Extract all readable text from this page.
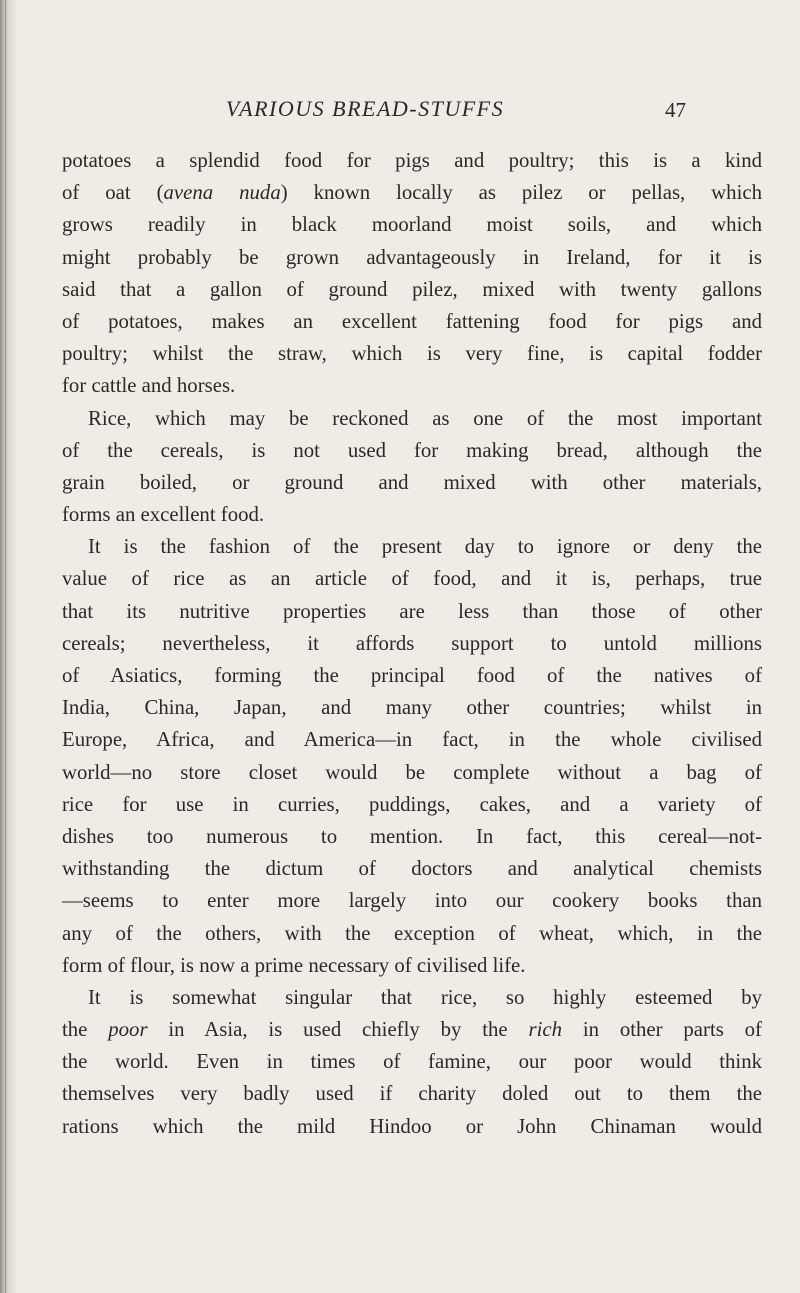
VARIOUS BREAD-STUFFS	47
potatoes a splendid food for pigs and poultry; this is a kind
of oat (avena nuda) known locally as pilez or pellas, which
grows readily in black moorland moist soils, and which
might probably be grown advantageously in Ireland, for it is
said that a gallon of ground pilez, mixed with twenty gallons
of potatoes, makes an excellent fattening food for pigs and
poultry; whilst the straw, which is very fine, is capital fodder
for cattle and horses.
Rice, which may be reckoned as one of the most important
of the cereals, is not used for making bread, although the
grain boiled, or ground and mixed with other materials,
forms an excellent food.
It is the fashion of the present day to ignore or deny the
value of rice as an article of food, and it is, perhaps, true
that its nutritive properties are less than those of other
cereals; nevertheless, it affords support to untold millions
of Asiatics, forming the principal food of the natives of
India, China, Japan, and many other countries; whilst in
Europe, Africa, and America—in fact, in the whole civilised
world—no store closet would be complete without a bag of
rice for use in curries, puddings, cakes, and a variety of
dishes too numerous to mention. In fact, this cereal—not-
withstanding the dictum of doctors and analytical chemists
—seems to enter more largely into our cookery books than
any of the others, with the exception of wheat, which, in the
form of flour, is now a prime necessary of civilised life.
It is somewhat singular that rice, so highly esteemed by
the poor in Asia, is used chiefly by the rich in other parts of
the world. Even in times of famine, our poor would think
themselves very badly used if charity doled out to them the
rations which the mild Hindoo or John Chinaman would
